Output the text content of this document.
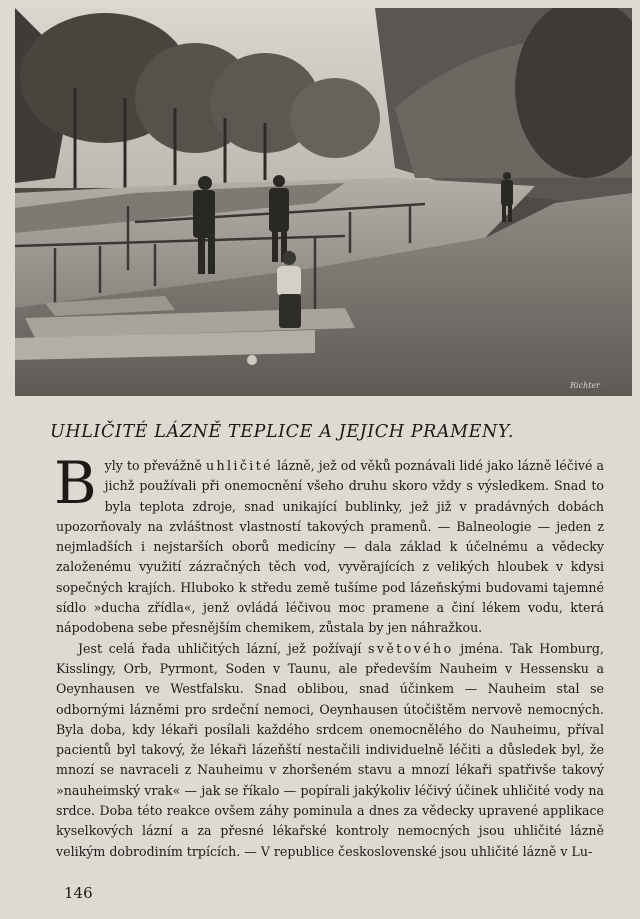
Richter
UHLIČITÉ LÁZNĚ TEPLICE A JEJICH PRAMENY.

Byly to převážně uhličité lázně, jež od věků poznávali lidé jako lázně léčivé a jichž používali při onemocnění všeho druhu skoro vždy s výsledkem. Snad to byla teplota zdroje, snad unikající bublinky, jež již v pradávných dobách upozorňovaly na zvláštnost vlastností takových pramenů. — Balneologie — jeden z nejmladších i nejstarších oborů medicíny — dala základ k účelnému a vědecky založenému využití zázračných těch vod, vyvěrajících z velikých hloubek v kdysi sopečných krajích. Hluboko k středu země tušíme pod lázeňskými budovami tajemné sídlo »ducha zřídla«, jenž ovládá léčivou moc pramene a činí lékem vodu, která nápodobena sebe přesnějším chemikem, zůstala by jen náhražkou.

Jest celá řada uhličitých lázní, jež požívají světového jména. Tak Homburg, Kisslingy, Orb, Pyrmont, Soden v Taunu, ale především Nauheim v Hessensku a Oeynhausen ve Westfalsku. Snad oblibou, snad účinkem — Nauheim stal se odbornými lázněmi pro srdeční nemoci, Oeynhausen útočištěm nervově nemocných. Byla doba, kdy lékaři posílali každého srdcem onemocnělého do Nauheimu, příval pacientů byl takový, že lékaři lázeňští nestačili individuelně léčiti a důsledek byl, že mnozí se navraceli z Nauheimu v zhoršeném stavu a mnozí lékaři spatřivše takový »nauheimský vrak« — jak se říkalo — popírali jakýkoliv léčivý účinek uhličité vody na srdce. Doba této reakce ovšem záhy pominula a dnes za vědecky upravené applikace kyselkových lázní a za přesné lékařské kontroly nemocných jsou uhličité lázně velikým dobrodiním trpících. — V republice československé jsou uhličité lázně v Lu-

146
